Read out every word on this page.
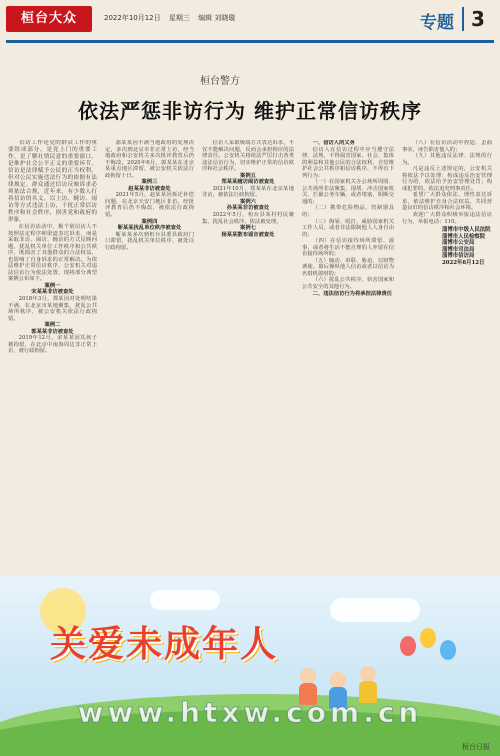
桓台大众	2022年10月12日 星期三 编辑 刘晓璇	专题 3
桓台警方
依法严惩非访行为 维护正常信访秩序

信访工作是党的群众工作的重要组成部分，是党上门的重要工作，是了解社情民意的重要窗口，是维护社会公平正义的重要环节。信访是法律赋予公民的正当权利，但对公民实施违法行为的依据有法律规定。群众通过信访反映诉求必须依法合规，近年来，有少数人打着信访的名义，以上访、缠访、闹访等方式违法上访，干扰正常信访秩序和社会秩序，损害党和政府的形象。

在信访活动中，极个别信访人不按照法定程序和渠道表达诉求，而是采取非访、闹访、缠访的方式反映问题，扰乱机关单位工作秩序和公共秩序，既损害了其他群众的合法权益，也影响了自身诉求的正常解决。为依法维护正常信访秩序，公安机关对违法信访行为依法处置，现将部分典型案例公布如下。

案例一

宋某某非访被查处

2018年3月，郑某因对处理结果不满，在北京市某地聚集，扰乱公共场所秩序，被公安机关依法行政拘留。

案例二

郭某某非访被查处

2019年12月，宋某某因其孩子被拘留，在北京中南海周边非正常上访，被行政拘留。

郭某某因不满当地政府的处理决定，多次到北京市非正常上访，经当地政府和公安机关多次批评教育后仍不悔改。2020年6月，郭某某在北京某重点地区滞留，被公安机关依法行政拘留十日。

案例三

赵某某非访被查处

2021年5月，赵某某因拆迁补偿问题，在北京天安门地区非访，经批评教育后仍不悔改，被依法行政拘留。

案例四

靳某某扰乱单位秩序被查处

靳某某多次到桓台县委县政府门口滞留，扰乱机关单位秩序，被处以行政拘留。

信访人采取极端方式表达诉求，不仅不能解决问题，反而会承担相应的法律责任。公安机关将依法严厉打击各类违法信访行为，切实维护正常的信访秩序和社会秩序。

案例五

郑某某缠访闹访被查处

2021年10月，郑某某在北京某地非访，被依法行政拘留。

案例六

孙某某非访被查处

2022年5月，桓台县某村村民聚集，扰乱社会秩序，依法被处理。

案例七

杨某某散布谣言被查处

一、信访人的义务

信访人在信访过程中应当遵守法律、法规，不得损害国家、社会、集体的利益和其他公民的合法权利，自觉维护社会公共秩序和信访秩序，不得有下列行为：

（一）在国家机关办公场所周围、公共场所非法聚集，围堵、冲击国家机关，拦截公务车辆，或者堵塞、阻断交通的；

（二）携带危险物品、管制器具的；

（三）侮辱、殴打、威胁国家机关工作人员，或者非法限制他人人身自由的；

（四）在信访接待场所滞留、滋事，或者将生活不能自理的人弃留在信访接待场所的；

（五）煽动、串联、胁迫、以财物诱使、幕后操纵他人信访或者以信访为名借机敛财的；

（六）扰乱公共秩序、妨害国家和公共安全的其他行为。

二、违法信访行为将承担法律责任

（八）在信访活动中捏造、歪曲事实，诬告陷害他人的；

（九）其他违反法律、法规的行为。

凡是违反上述规定的，公安机关将依法予以处理：构成违反治安管理行为的，依法给予治安管理处罚；构成犯罪的，依法追究刑事责任。

希望广大群众依法、理性表达诉求，依法维护自身合法权益，共同营造良好的信访秩序和社会环境。

欢迎广大群众积极举报违法信访行为，举报电话：110。

淄博市中级人民法院
淄博市人民检察院
淄博市公安局
淄博市司法局
淄博市信访局
2022年8月12日
关爱未成年人
www.htxw.com.cn
桓台日报
